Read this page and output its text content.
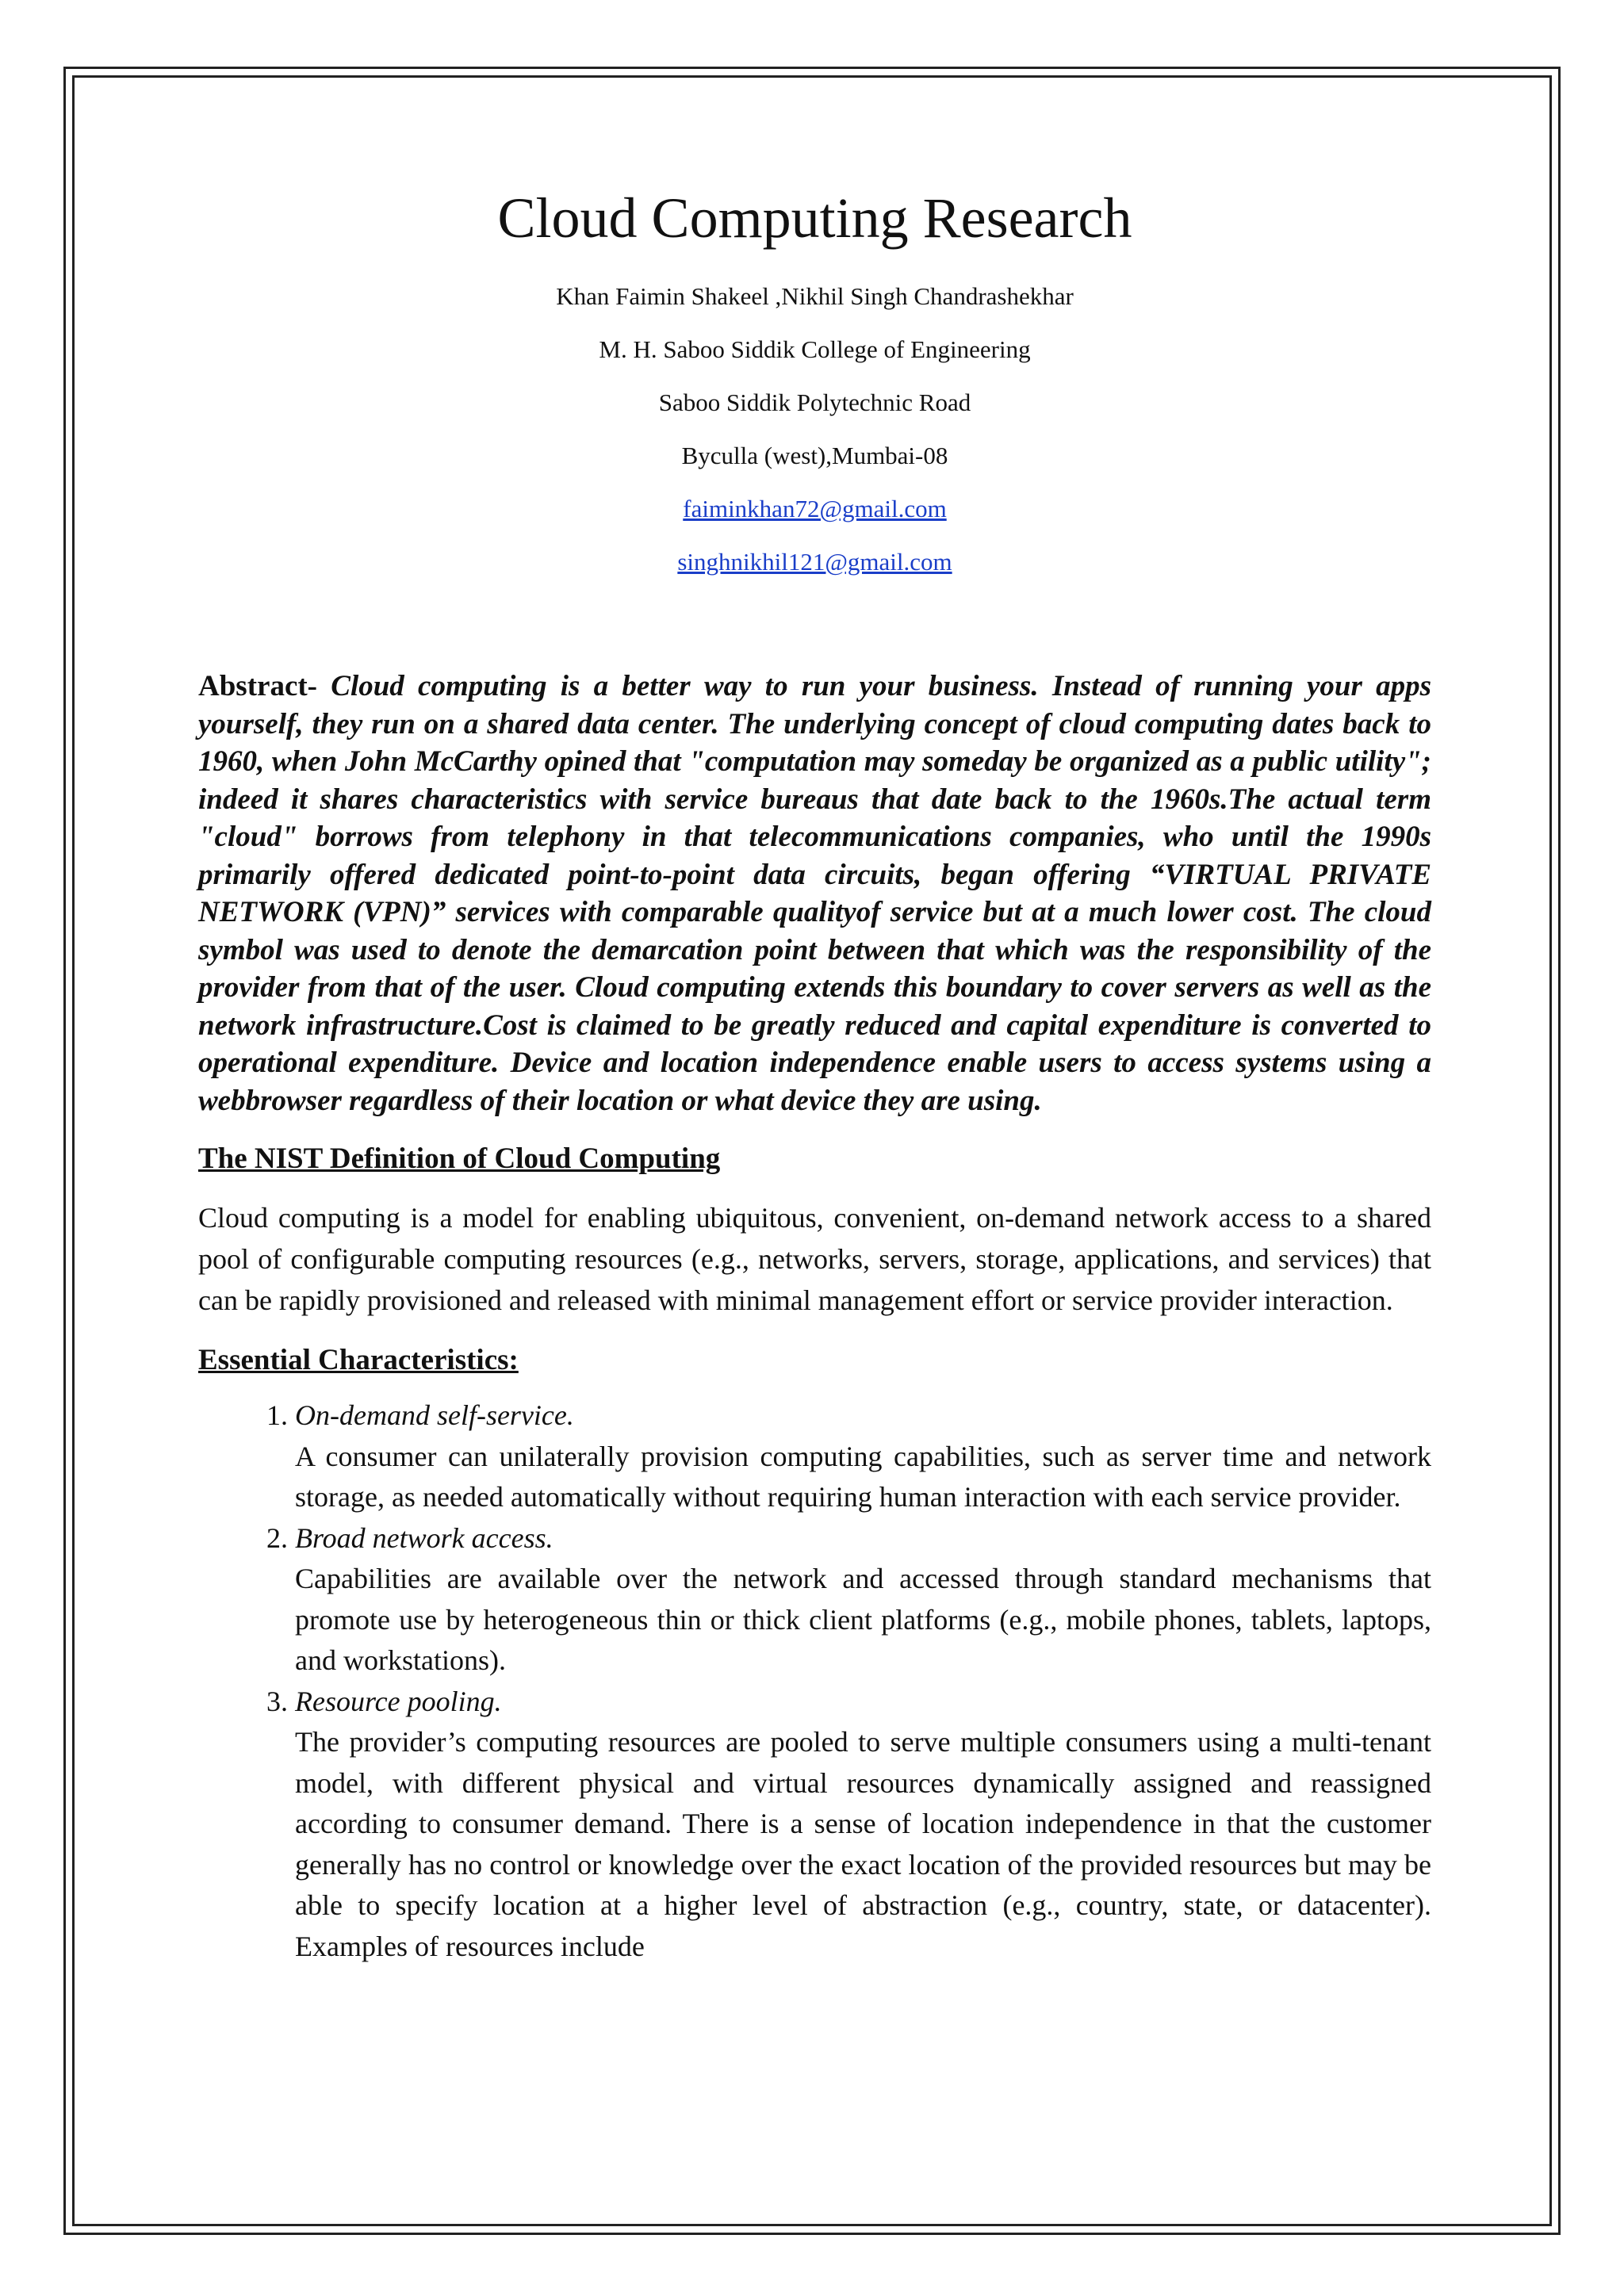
Cloud Computing Research
Khan Faimin Shakeel ,Nikhil Singh Chandrashekhar
M. H. Saboo Siddik College of Engineering
Saboo Siddik Polytechnic Road
Byculla (west),Mumbai-08
faiminkhan72@gmail.com
singhnikhil121@gmail.com
Abstract- Cloud computing is a better way to run your business. Instead of running your apps yourself, they run on a shared data center. The underlying concept of cloud computing dates back to 1960, when John McCarthy opined that "computation may someday be organized as a public utility"; indeed it shares characteristics with service bureaus that date back to the 1960s.The actual term "cloud" borrows from telephony in that telecommunications companies, who until the 1990s primarily offered dedicated point-to-point data circuits, began offering “VIRTUAL PRIVATE NETWORK (VPN)” services with comparable qualityof service but at a much lower cost. The cloud symbol was used to denote the demarcation point between that which was the responsibility of the provider from that of the user. Cloud computing extends this boundary to cover servers as well as the network infrastructure.Cost is claimed to be greatly reduced and capital expenditure is converted to operational expenditure. Device and location independence enable users to access systems using a webbrowser regardless of their location or what device they are using.
The NIST Definition of Cloud Computing

Cloud computing is a model for enabling ubiquitous, convenient, on-demand network access to a shared pool of configurable computing resources (e.g., networks, servers, storage, applications, and services) that can be rapidly provisioned and released with minimal management effort or service provider interaction.

Essential Characteristics:
1. On-demand self-service.
A consumer can unilaterally provision computing capabilities, such as server time and network storage, as needed automatically without requiring human interaction with each service provider.
2. Broad network access.
Capabilities are available over the network and accessed through standard mechanisms that promote use by heterogeneous thin or thick client platforms (e.g., mobile phones, tablets, laptops, and workstations).
3. Resource pooling.
The provider’s computing resources are pooled to serve multiple consumers using a multi-tenant model, with different physical and virtual resources dynamically assigned and reassigned according to consumer demand. There is a sense of location independence in that the customer generally has no control or knowledge over the exact location of the provided resources but may be able to specify location at a higher level of abstraction (e.g., country, state, or datacenter). Examples of resources include
